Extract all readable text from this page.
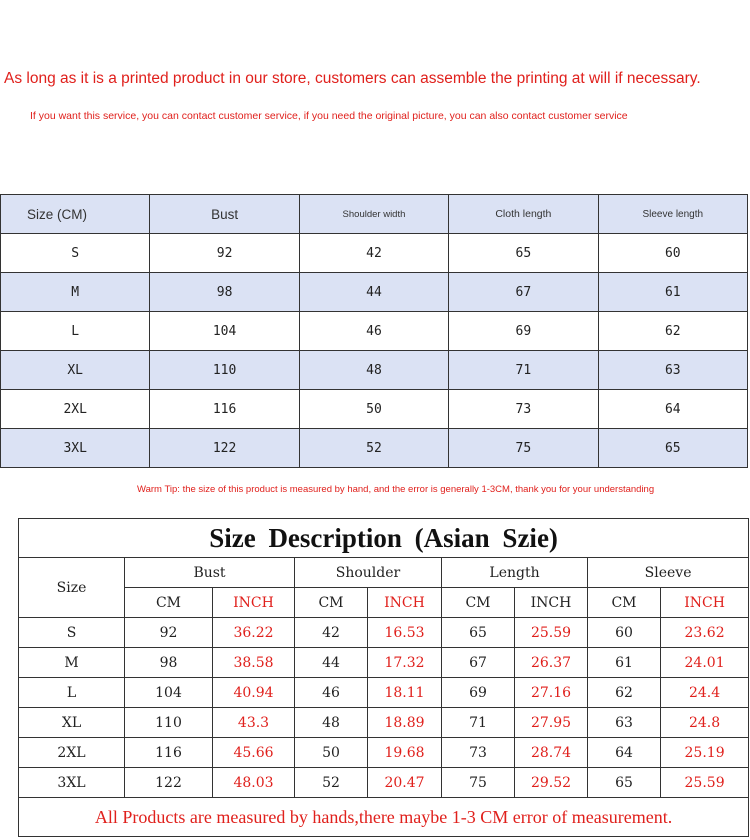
As long as it is a printed product in our store, customers can assemble the printing at will if necessary.
If you want this service, you can contact customer service, if you need the original picture, you can also contact customer service
Size (CM)	Bust	Shoulder width	Cloth length	Sleeve length
S	92	42	65	60
M	98	44	67	61
L	104	46	69	62
XL	110	48	71	63
2XL	116	50	73	64
3XL	122	52	75	65
Warm Tip: the size of this product is measured by hand, and the error is generally 1-3CM, thank you for your understanding
Size Description (Asian Szie)								
Size	Bust		Shoulder		Length		Sleeve	
	CM	INCH	CM	INCH	CM	INCH	CM	INCH
S	92	36.22	42	16.53	65	25.59	60	23.62
M	98	38.58	44	17.32	67	26.37	61	24.01
L	104	40.94	46	18.11	69	27.16	62	24.4
XL	110	43.3	48	18.89	71	27.95	63	24.8
2XL	116	45.66	50	19.68	73	28.74	64	25.19
3XL	122	48.03	52	20.47	75	29.52	65	25.59
All Products are measured by hands,there maybe 1-3 CM error of measurement.								
